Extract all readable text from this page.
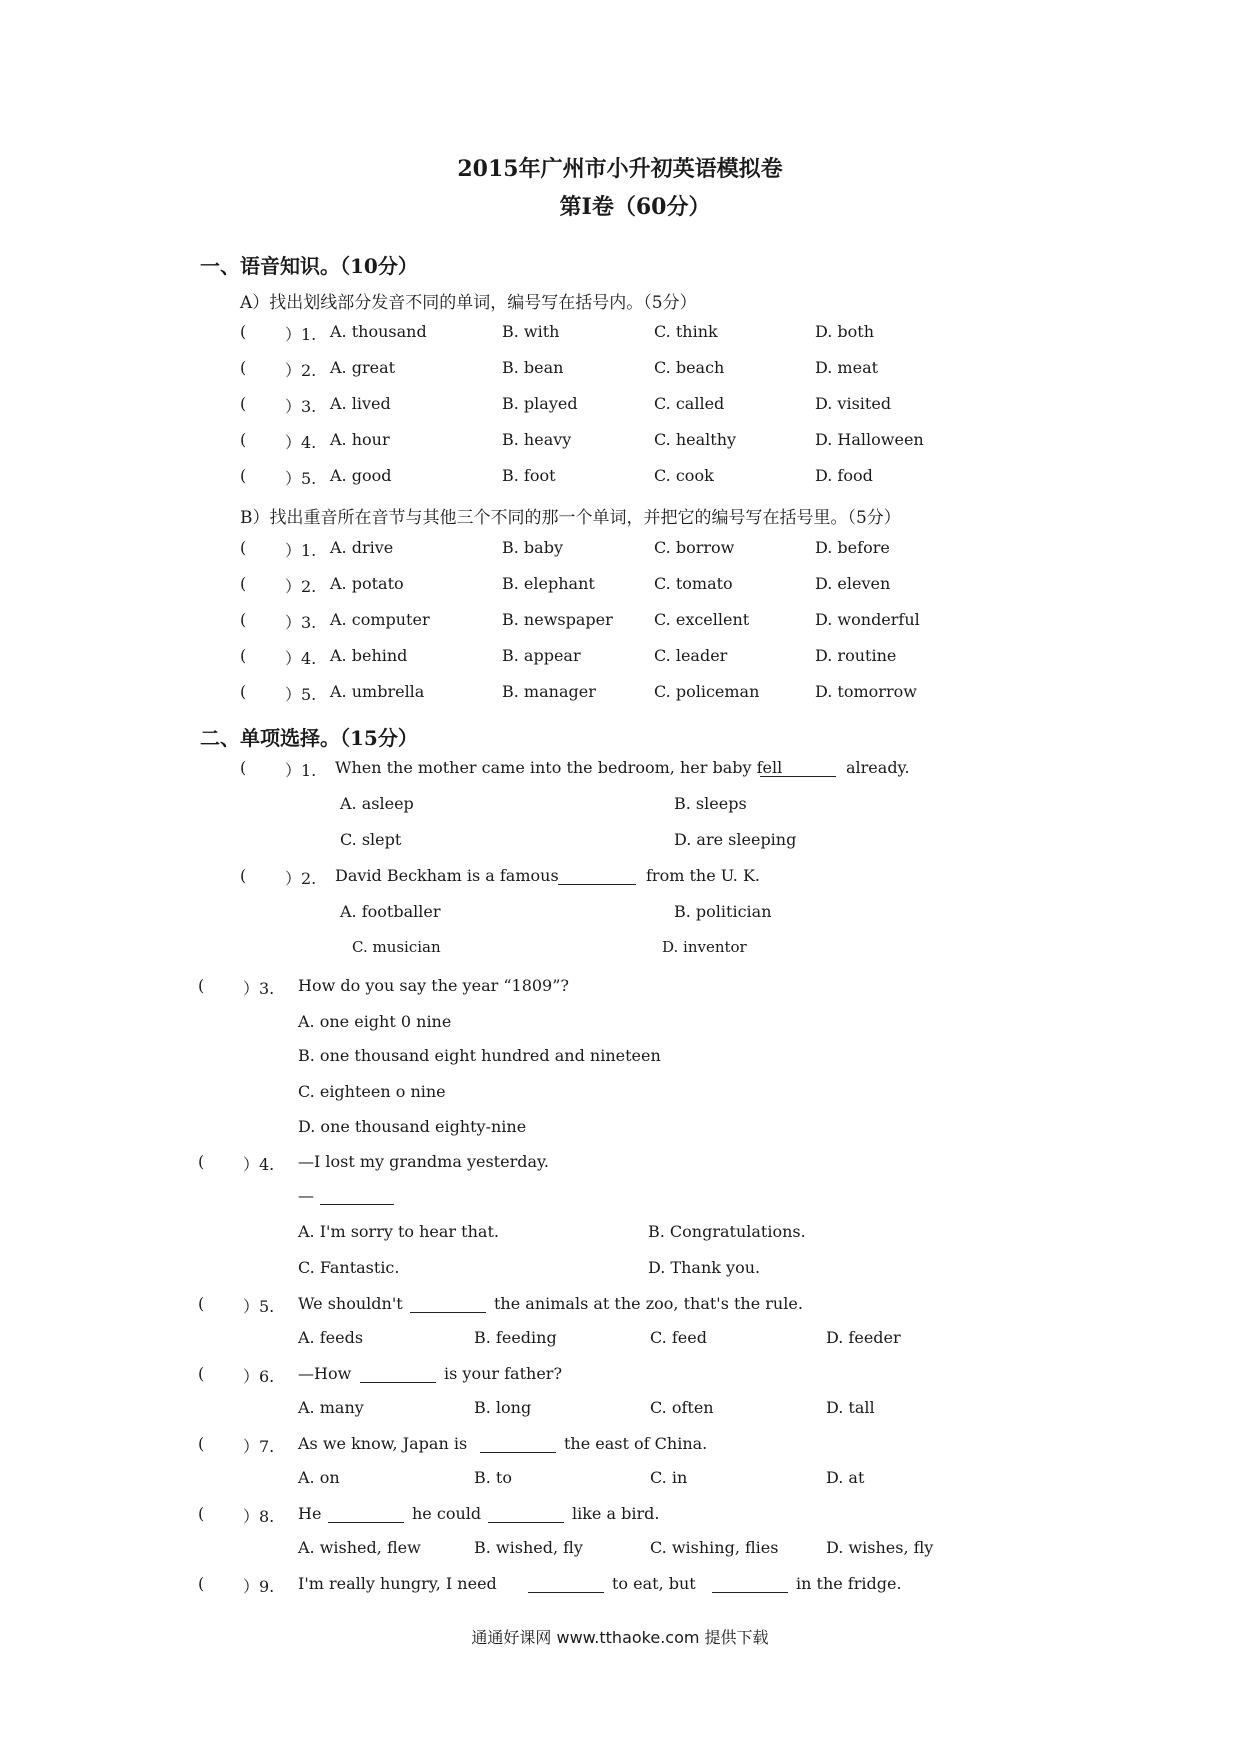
2015年广州市小升初英语模拟卷
第I卷（60分）
一、语音知识。（10分）
A）找出划线部分发音不同的单词，编号写在括号内。（5分）
( ）1. A. thousand	B. with	C. think	D. both
( ）2. A. great	B. bean	C. beach	D. meat
( ）3. A. lived	B. played	C. called	D. visited
( ）4. A. hour	B. heavy	C. healthy	D. Halloween
( ）5. A. good	B. foot	C. cook	D. food
B）找出重音所在音节与其他三个不同的那一个单词，并把它的编号写在括号里。（5分）
( ）1. A. drive	B. baby	C. borrow	D. before
( ）2. A. potato	B. elephant	C. tomato	D. eleven
( ）3. A. computer	B. newspaper	C. excellent	D. wonderful
( ）4. A. behind	B. appear	C. leader	D. routine
( ）5. A. umbrella	B. manager	C. policeman	D. tomorrow
二、单项选择。（15分）
( ）1. When the mother came into the bedroom, her baby fell	already.
A. asleep	B. sleeps
C. slept	D. are sleeping
( ）2. David Beckham is a famous	from the U. K.
A. footballer	B. politician
C. musician	D. inventor
( ）3. How do you say the year “1809”?
A. one eight 0 nine
B. one thousand eight hundred and nineteen
C. eighteen o nine
D. one thousand eighty-nine
( ）4. —I lost my grandma yesterday.
—
A. I'm sorry to hear that.	B. Congratulations.
C. Fantastic.	D. Thank you.
( ）5. We shouldn't	the animals at the zoo, that's the rule.
A. feeds	B. feeding	C. feed	D. feeder
( ）6. —How	is your father?
A. many	B. long	C. often	D. tall
( ）7. As we know, Japan is	the east of China.
A. on	B. to	C. in	D. at
( ）8. He	he could	like a bird.
A. wished, flew	B. wished, fly	C. wishing, flies	D. wishes, fly
( ）9. I'm really hungry, I need	to eat, but	in the fridge.
通通好课网 www.tthaoke.com 提供下载
